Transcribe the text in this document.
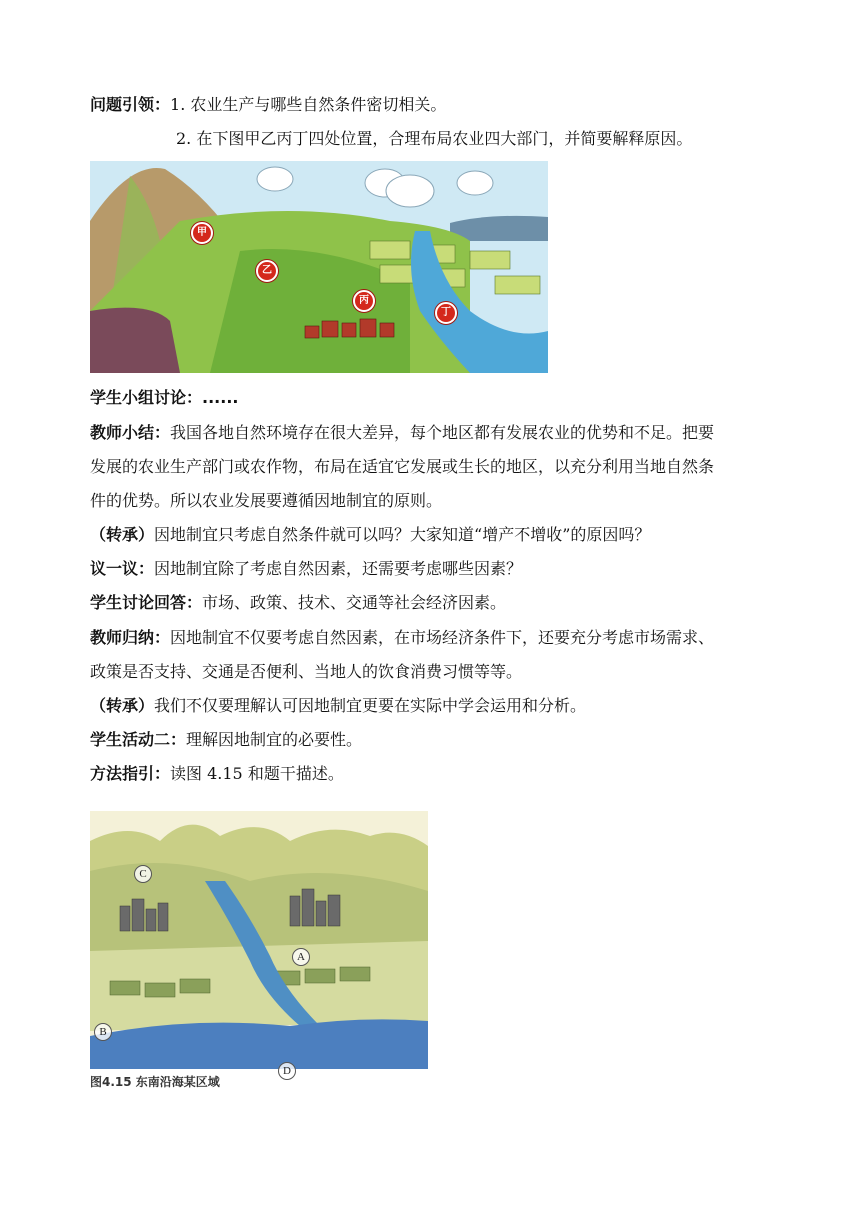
问题引领：1. 农业生产与哪些自然条件密切相关。
2. 在下图甲乙丙丁四处位置，合理布局农业四大部门，并简要解释原因。
甲
乙
丙
丁
学生小组讨论：......
教师小结：我国各地自然环境存在很大差异，每个地区都有发展农业的优势和不足。把要
发展的农业生产部门或农作物，布局在适宜它发展或生长的地区，以充分利用当地自然条
件的优势。所以农业发展要遵循因地制宜的原则。
（转承）因地制宜只考虑自然条件就可以吗？大家知道“增产不增收”的原因吗？
议一议：因地制宜除了考虑自然因素，还需要考虑哪些因素？
学生讨论回答：市场、政策、技术、交通等社会经济因素。
教师归纳：因地制宜不仅要考虑自然因素，在市场经济条件下，还要充分考虑市场需求、
政策是否支持、交通是否便利、当地人的饮食消费习惯等等。
（转承）我们不仅要理解认可因地制宜更要在实际中学会运用和分析。
学生活动二：理解因地制宜的必要性。
方法指引：读图 4.15 和题干描述。
C
A
B
图4.15 东南沿海某区域
D
